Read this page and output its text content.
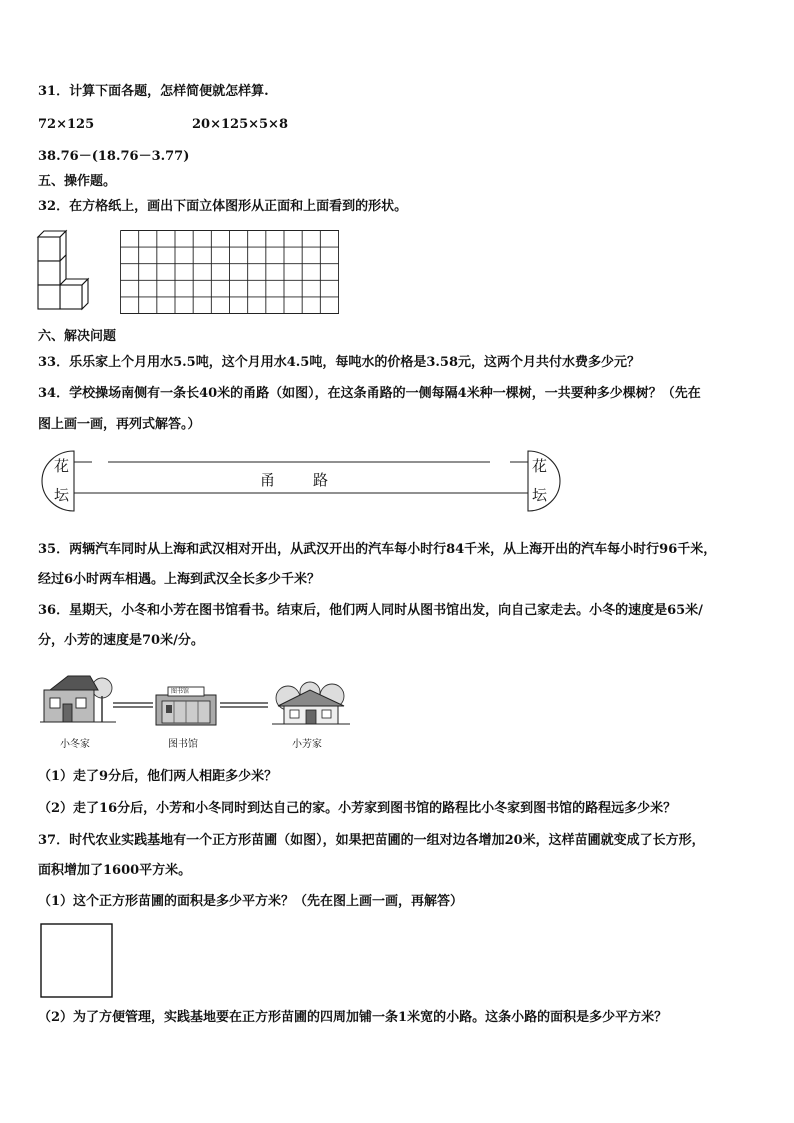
31．计算下面各题，怎样简便就怎样算.
72×125	20×125×5×8
38.76－(18.76－3.77)
五、操作题。
32．在方格纸上，画出下面立体图形从正面和上面看到的形状。
六、解决问题
33．乐乐家上个月用水5.5吨，这个月用水4.5吨，每吨水的价格是3.58元，这两个月共付水费多少元？
34．学校操场南侧有一条长40米的甬路（如图），在这条甬路的一侧每隔4米种一棵树，一共要种多少棵树？（先在
图上画一画，再列式解答。）
花
坛
花
坛
甬	路
35．两辆汽车同时从上海和武汉相对开出，从武汉开出的汽车每小时行84千米，从上海开出的汽车每小时行96千米，
经过6小时两车相遇。上海到武汉全长多少千米？
36．星期天，小冬和小芳在图书馆看书。结束后，他们两人同时从图书馆出发，向自己家走去。小冬的速度是65米/
分，小芳的速度是70米/分。
图书馆
小冬家	图书馆	小芳家
（1）走了9分后，他们两人相距多少米？
（2）走了16分后，小芳和小冬同时到达自己的家。小芳家到图书馆的路程比小冬家到图书馆的路程远多少米？
37．时代农业实践基地有一个正方形苗圃（如图），如果把苗圃的一组对边各增加20米，这样苗圃就变成了长方形，
面积增加了1600平方米。
（1）这个正方形苗圃的面积是多少平方米？（先在图上画一画，再解答）
（2）为了方便管理，实践基地要在正方形苗圃的四周加铺一条1米宽的小路。这条小路的面积是多少平方米？
